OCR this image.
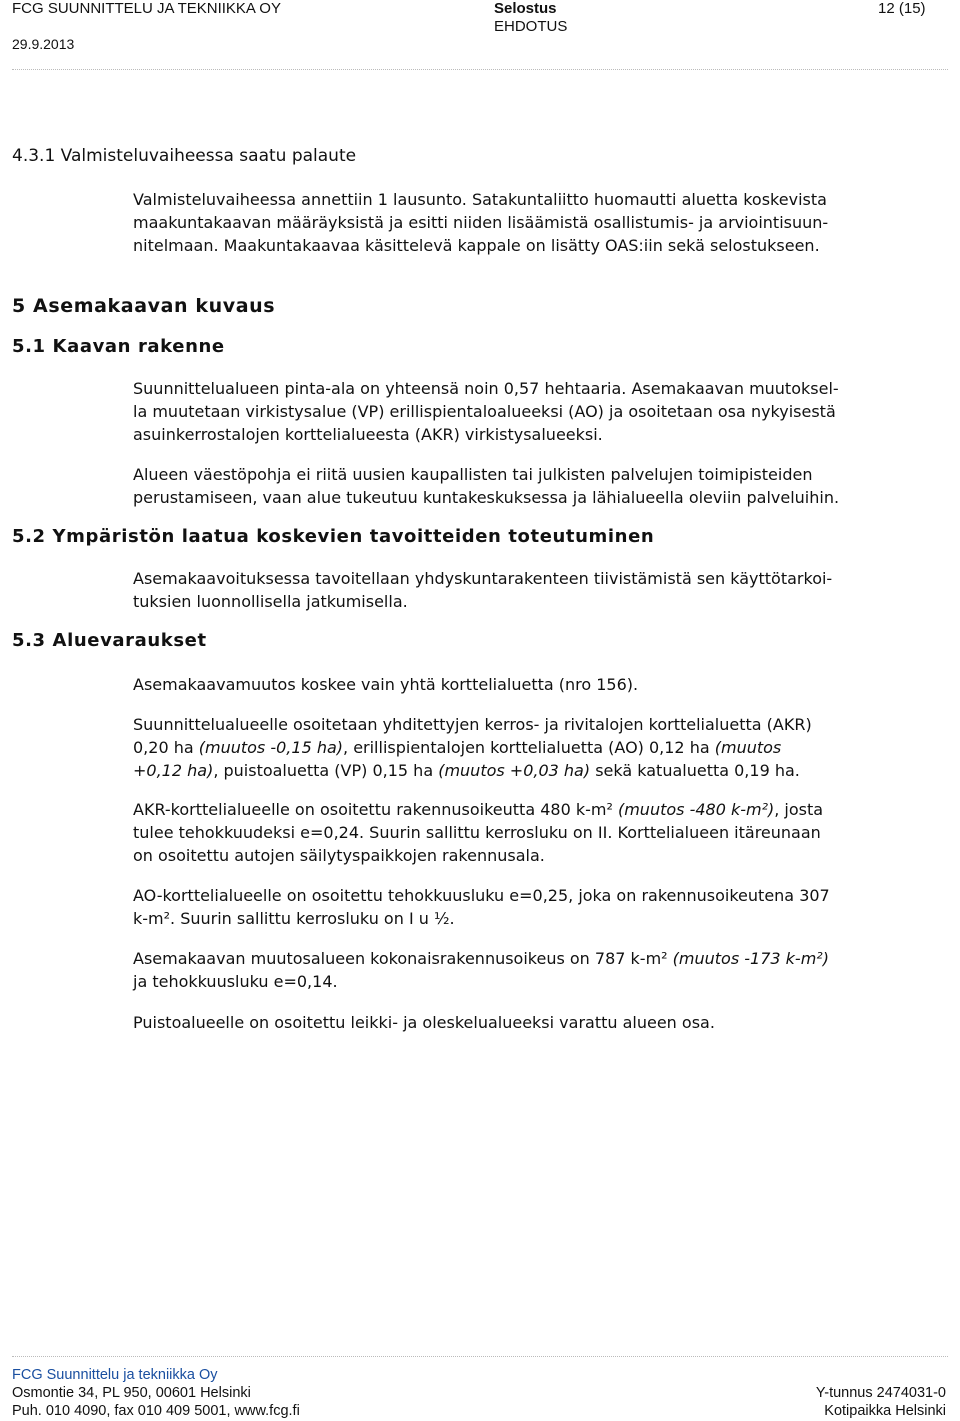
FCG SUUNNITTELU JA TEKNIIKKA OY
29.9.2013
Selostus
EHDOTUS
12 (15)
4.3.1 Valmisteluvaiheessa saatu palaute
Valmisteluvaiheessa annettiin 1 lausunto. Satakuntaliitto huomautti aluetta koskevista
maakuntakaavan määräyksistä ja esitti niiden lisäämistä osallistumis- ja arviointisuun-
nitelmaan. Maakuntakaavaa käsittelevä kappale on lisätty OAS:iin sekä selostukseen.
5 Asemakaavan kuvaus
5.1 Kaavan rakenne
Suunnittelualueen pinta-ala on yhteensä noin 0,57 hehtaaria. Asemakaavan muutoksel-
la muutetaan virkistysalue (VP) erillispientaloalueeksi (AO) ja osoitetaan osa nykyisestä
asuinkerrostalojen korttelialueesta (AKR) virkistysalueeksi.
Alueen väestöpohja ei riitä uusien kaupallisten tai julkisten palvelujen toimipisteiden
perustamiseen, vaan alue tukeutuu kuntakeskuksessa ja lähialueella oleviin palveluihin.
5.2 Ympäristön laatua koskevien tavoitteiden toteutuminen
Asemakaavoituksessa tavoitellaan yhdyskuntarakenteen tiivistämistä sen käyttötarkoi-
tuksien luonnollisella jatkumisella.
5.3 Aluevaraukset
Asemakaavamuutos koskee vain yhtä korttelialuetta (nro 156).
Suunnittelualueelle osoitetaan yhditettyjen kerros- ja rivitalojen korttelialuetta (AKR)
0,20 ha (muutos -0,15 ha), erillispientalojen korttelialuetta (AO) 0,12 ha (muutos
+0,12 ha), puistoaluetta (VP) 0,15 ha (muutos +0,03 ha) sekä katualuetta 0,19 ha.
AKR-korttelialueelle on osoitettu rakennusoikeutta 480 k-m² (muutos -480 k-m²), josta
tulee tehokkuudeksi e=0,24. Suurin sallittu kerrosluku on II. Korttelialueen itäreunaan
on osoitettu autojen säilytyspaikkojen rakennusala.
AO-korttelialueelle on osoitettu tehokkuusluku e=0,25, joka on rakennusoikeutena 307
k-m². Suurin sallittu kerrosluku on I u ½.
Asemakaavan muutosalueen kokonaisrakennusoikeus on 787 k-m² (muutos -173 k-m²)
ja tehokkuusluku e=0,14.
Puistoalueelle on osoitettu leikki- ja oleskelualueeksi varattu alueen osa.
FCG Suunnittelu ja tekniikka Oy
Osmontie 34, PL 950, 00601 Helsinki
Puh. 010 4090, fax 010 409 5001, www.fcg.fi
Y-tunnus 2474031-0
Kotipaikka Helsinki
